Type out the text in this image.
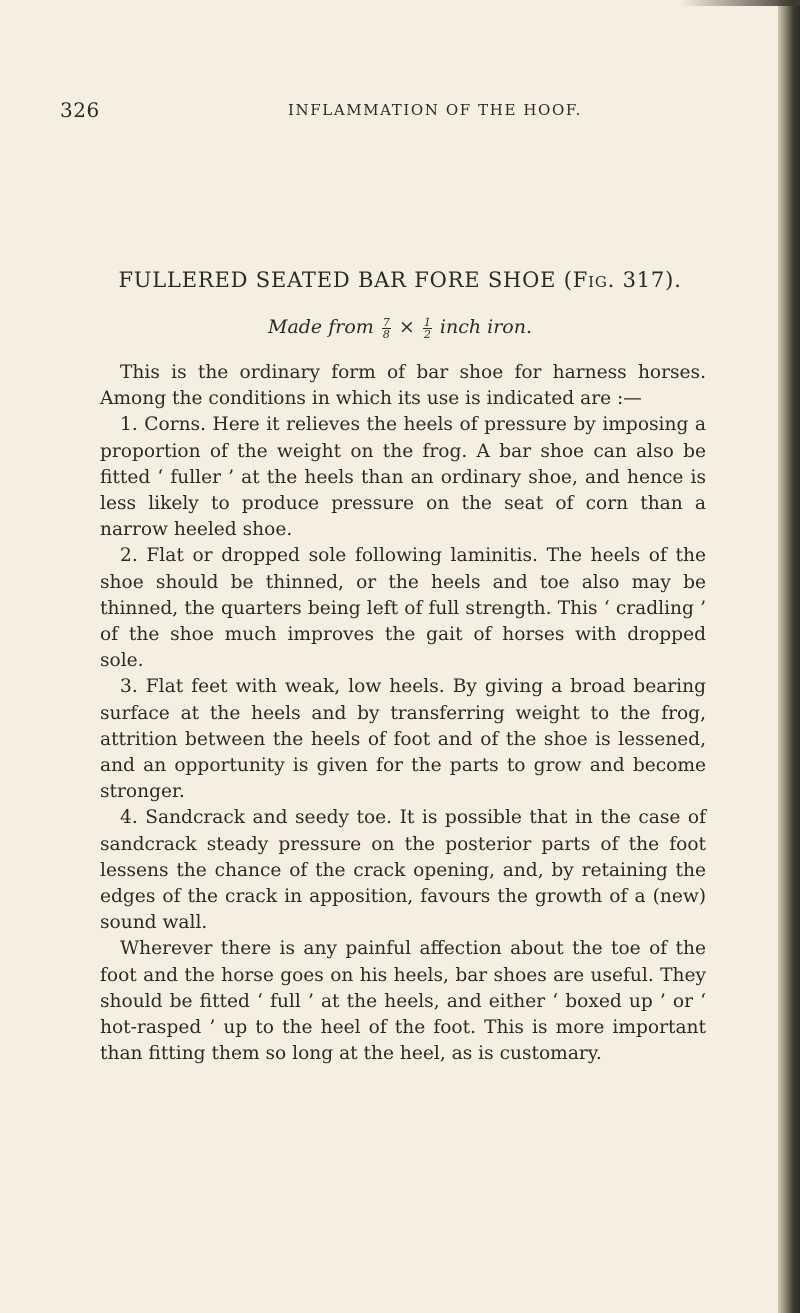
326	INFLAMMATION OF THE HOOF.
FULLERED SEATED BAR FORE SHOE (Fig. 317).
Made from $\frac{7}{8} \times \frac{1}{2}$ inch iron.

This is the ordinary form of bar shoe for harness horses. Among the conditions in which its use is indicated are :—

1. Corns. Here it relieves the heels of pressure by imposing a proportion of the weight on the frog. A bar shoe can also be fitted ‘ fuller ’ at the heels than an ordinary shoe, and hence is less likely to produce pressure on the seat of corn than a narrow heeled shoe.

2. Flat or dropped sole following laminitis. The heels of the shoe should be thinned, or the heels and toe also may be thinned, the quarters being left of full strength. This ‘ cradling ’ of the shoe much improves the gait of horses with dropped sole.

3. Flat feet with weak, low heels. By giving a broad bearing surface at the heels and by transferring weight to the frog, attrition between the heels of foot and of the shoe is lessened, and an opportunity is given for the parts to grow and become stronger.

4. Sandcrack and seedy toe. It is possible that in the case of sandcrack steady pressure on the posterior parts of the foot lessens the chance of the crack opening, and, by retaining the edges of the crack in apposition, favours the growth of a (new) sound wall.

Wherever there is any painful affection about the toe of the foot and the horse goes on his heels, bar shoes are useful. They should be fitted ‘ full ’ at the heels, and either ‘ boxed up ’ or ‘ hot-rasped ’ up to the heel of the foot. This is more important than fitting them so long at the heel, as is customary.
